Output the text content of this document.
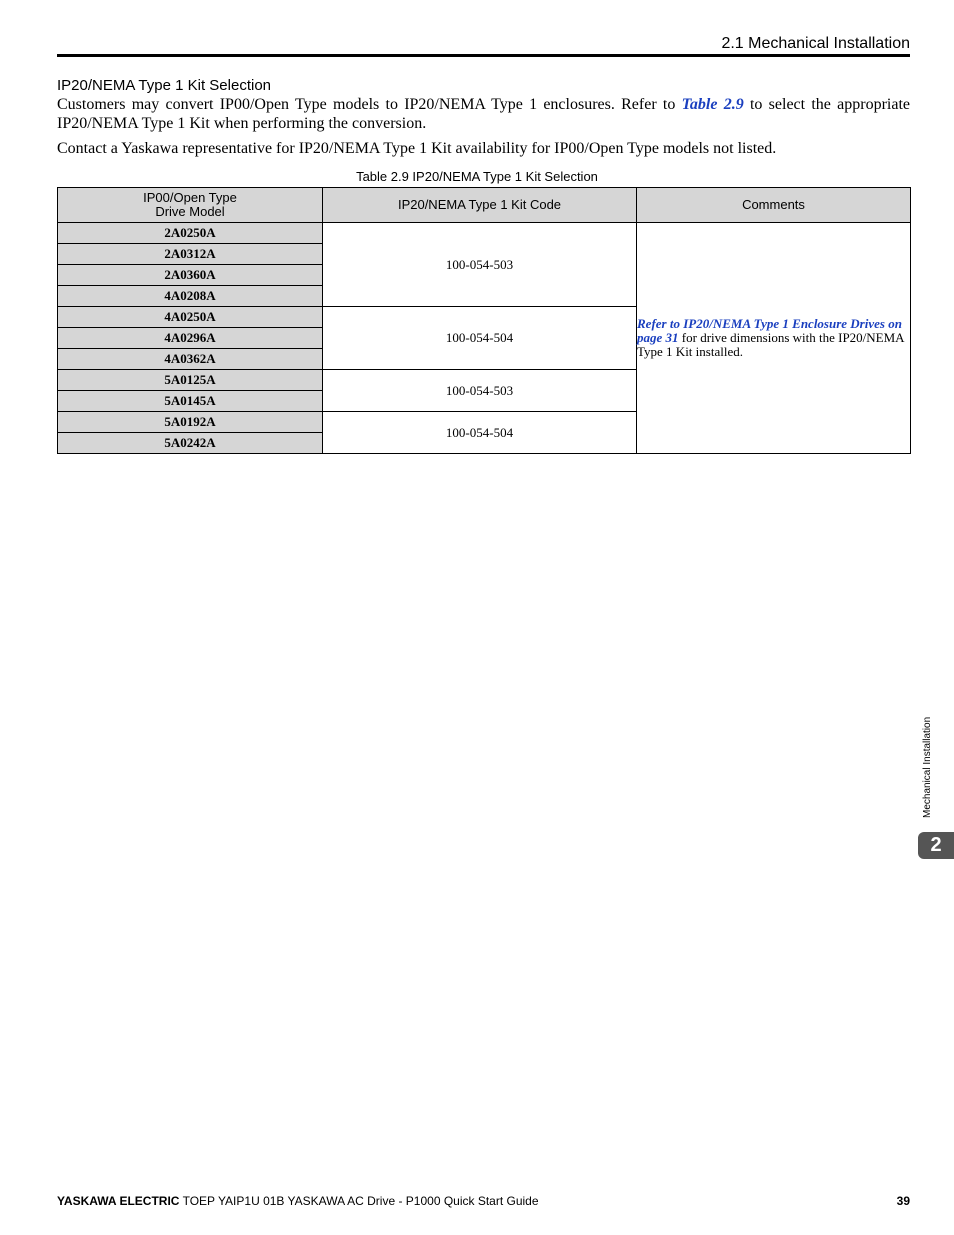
2.1 Mechanical Installation
IP20/NEMA Type 1 Kit Selection
Customers may convert IP00/Open Type models to IP20/NEMA Type 1 enclosures. Refer to Table 2.9 to select the appropriate IP20/NEMA Type 1 Kit when performing the conversion.
Contact a Yaskawa representative for IP20/NEMA Type 1 Kit availability for IP00/Open Type models not listed.
Table 2.9 IP20/NEMA Type 1 Kit Selection
IP00/Open Type
Drive Model	IP20/NEMA Type 1 Kit Code	Comments
2A0250A	100-054-503	Refer to IP20/NEMA Type 1 Enclosure Drives on page 31 for drive dimensions with the IP20/NEMA Type 1 Kit installed.
2A0312A		
2A0360A		
4A0208A		
4A0250A	100-054-504	
4A0296A		
4A0362A		
5A0125A	100-054-503	
5A0145A		
5A0192A	100-054-504	
5A0242A		
Mechanical Installation
2
YASKAWA ELECTRIC TOEP YAIP1U 01B YASKAWA AC Drive - P1000 Quick Start Guide	39
